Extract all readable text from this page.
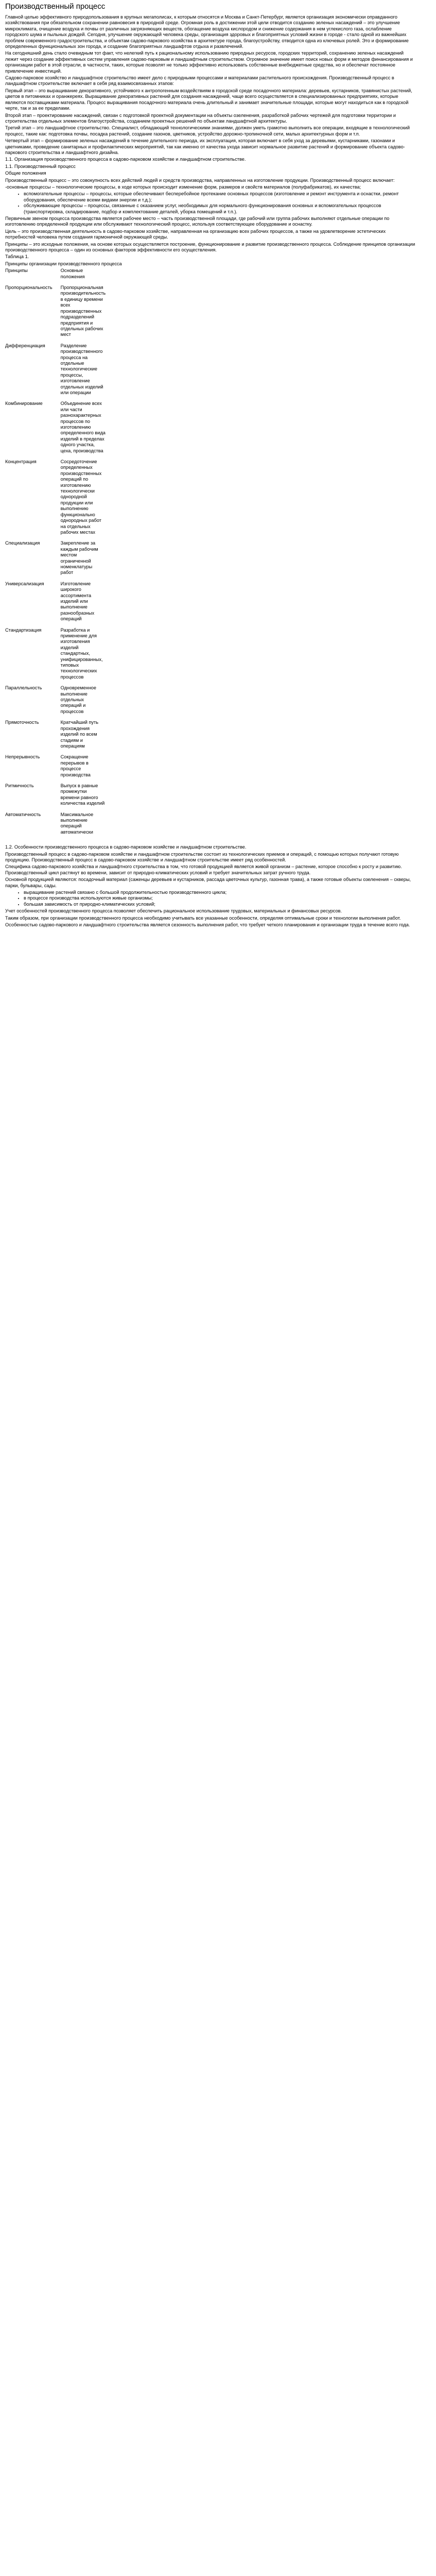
Производственный процесс

Главной целью эффективного природопользования в крупных мегаполисах, к которым относятся и Москва и Санкт-Петербург, является организация экономически оправданного хозяйствования при обязательном сохранении равновесия в природной среде. Огромная роль в достижении этой цели отводится созданию зеленых насаждений – это улучшение микроклимата, очищение воздуха и почвы от различных загрязняющих веществ, обогащение воздуха кислородом и снижение содержания в нем углекислого газа, ослабление городского шума и пыльных дождей. Сегодня, улучшение окружающей человека среды, организация здоровых и благоприятных условий жизни в городе - стало одной из важнейших проблем современного градостроительства, и объектам садово-паркового хозяйства в архитектуре города, благоустройству, отводится одна из ключевых ролей. Это и формирование определенных функциональных зон города, и создание благоприятных ландшафтов отдыха и развлечений.

На сегодняшний день стало очевидным тот факт, что нелегкий путь к рациональному использованию природных ресурсов, городских территорий, сохранению зеленых насаждений лежит через создание эффективных систем управления садово-парковым и ландшафтным строительством. Огромное значение имеет поиск новых форм и методов финансирования и организации работ в этой отрасли, в частности, таких, которые позволят не только эффективно использовать собственные внебюджетные средства, но и обеспечат постоянное привлечение инвестиций.

Садово-парковое хозяйство и ландшафтное строительство имеет дело с природными процессами и материалами растительного происхождения. Производственный процесс в ландшафтном строительстве включает в себя ряд взаимосвязанных этапов:

Первый этап – это выращивание декоративного, устойчивого к антропогенным воздействиям в городской среде посадочного материала: деревьев, кустарников, травянистых растений, цветов в питомниках и оранжереях. Выращивание декоративных растений для создания насаждений, чаще всего осуществляется в специализированных предприятиях, которые являются поставщиками материала. Процесс выращивания посадочного материала очень длительный и занимает значительные площади, которые могут находиться как в городской черте, так и за ее пределами.

Второй этап – проектирование насаждений, связан с подготовкой проектной документации на объекты озеленения, разработкой рабочих чертежей для подготовки территории и строительства отдельных элементов благоустройства, созданием проектных решений по объектам ландшафтной архитектуры.

Третий этап – это ландшафтное строительство. Специалист, обладающий технологическими знаниями, должен уметь грамотно выполнить все операции, входящие в технологический процесс, такие как: подготовка почвы, посадка растений, создание газонов, цветников, устройство дорожно-тропиночной сети, малых архитектурных форм и т.п.

Четвертый этап – формирование зеленых насаждений в течение длительного периода, их эксплуатация, которая включает в себя уход за деревьями, кустарниками, газонами и цветниками, проведение санитарных и профилактических мероприятий, так как именно от качества ухода зависит нормальное развитие растений и формирование объекта садово-паркового строительства и ландшафтного дизайна.

1.1. Организация производственного процесса в садово-парковом хозяйстве и ландшафтном строительстве.

1.1. Производственный процесс

Общие положения

Производственный процесс – это совокупность всех действий людей и средств производства, направленных на изготовление продукции. Производственный процесс включает:

-основные процессы – технологические процессы, в ходе которых происходит изменение форм, размеров и свойств материалов (полуфабрикатов), их качества;

• вспомогательные процессы – процессы, которые обеспечивают бесперебойное протекание основных процессов (изготовление и ремонт инструмента и оснастки, ремонт оборудования, обеспечение всеми видами энергии и т.д.);
• обслуживающие процессы – процессы, связанные с оказанием услуг, необходимых для нормального функционирования основных и вспомогательных процессов (транспортировка, складирование, подбор и комплектование деталей, уборка помещений и т.п.).

Первичным звеном процесса производства является рабочее место – часть производственной площади, где рабочий или группа рабочих выполняют отдельные операции по изготовлению определенной продукции или обслуживают технологический процесс, используя соответствующее оборудование и оснастку.

Цель – это производственная деятельность в садово-парковом хозяйстве, направленная на организацию всех рабочих процессов, а также на удовлетворение эстетических потребностей человека путем создания гармоничной окружающей среды.

Принципы – это исходные положения, на основе которых осуществляется построение, функционирование и развитие производственного процесса. Соблюдение принципов организации производственного процесса – один из основных факторов эффективности его осуществления.

Таблица 1.

Принципы организации производственного процесса

Принципы	Основные положения
Пропорциональность	Пропорциональная производительность в единицу времени всех производственных подразделений предприятия и отдельных рабочих мест
Дифференциация	Разделение производственного процесса на отдельные технологические процессы, изготовление отдельных изделий или операции
Комбинирование	Объединение всех или части разнохарактерных процессов по изготовлению определенного вида изделий в пределах одного участка, цеха, производства
Концентрация	Сосредоточение определенных производственных операций по изготовлению технологически однородной продукции или выполнению функционально однородных работ на отдельных рабочих местах
Специализация	Закрепление за каждым рабочим местом ограниченной номенклатуры работ
Универсализация	Изготовление широкого ассортимента изделий или выполнение разнообразных операций
Стандартизация	Разработка и применение для изготовления изделий стандартных, унифицированных, типовых технологических процессов
Параллельность	Одновременное выполнение отдельных операций и процессов
Прямоточность	Кратчайший путь прохождения изделий по всем стадиям и операциям
Непрерывность	Сокращение перерывов в процессе производства
Ритмичность	Выпуск в равные промежутки времени равного количества изделий
Автоматичность	Максимальное выполнение операций автоматически

1.2. Особенности производственного процесса в садово-парковом хозяйстве и ландшафтном строительстве.

Производственный процесс в садово-парковом хозяйстве и ландшафтном строительстве состоит из технологических приемов и операций, с помощью которых получают готовую продукцию. Производственный процесс в садово-парковом хозяйстве и ландшафтном строительстве имеет ряд особенностей.

Специфика садово-паркового хозяйства и ландшафтного строительства в том, что готовой продукцией является живой организм – растение, которое способно к росту и развитию. Производственный цикл растянут во времени, зависит от природно-климатических условий и требует значительных затрат ручного труда.

Основной продукцией являются: посадочный материал (саженцы деревьев и кустарников, рассада цветочных культур, газонная трава), а также готовые объекты озеленения – скверы, парки, бульвары, сады.

• выращивание растений связано с большой продолжительностью производственного цикла;
• в процессе производства используются живые организмы;
• большая зависимость от природно-климатических условий;

Учет особенностей производственного процесса позволяет обеспечить рациональное использование трудовых, материальных и финансовых ресурсов.

Таким образом, при организации производственного процесса необходимо учитывать все указанные особенности, определяя оптимальные сроки и технологии выполнения работ.

Особенностью садово-паркового и ландшафтного строительства является сезонность выполнения работ, что требует четкого планирования и организации труда в течение всего года.
